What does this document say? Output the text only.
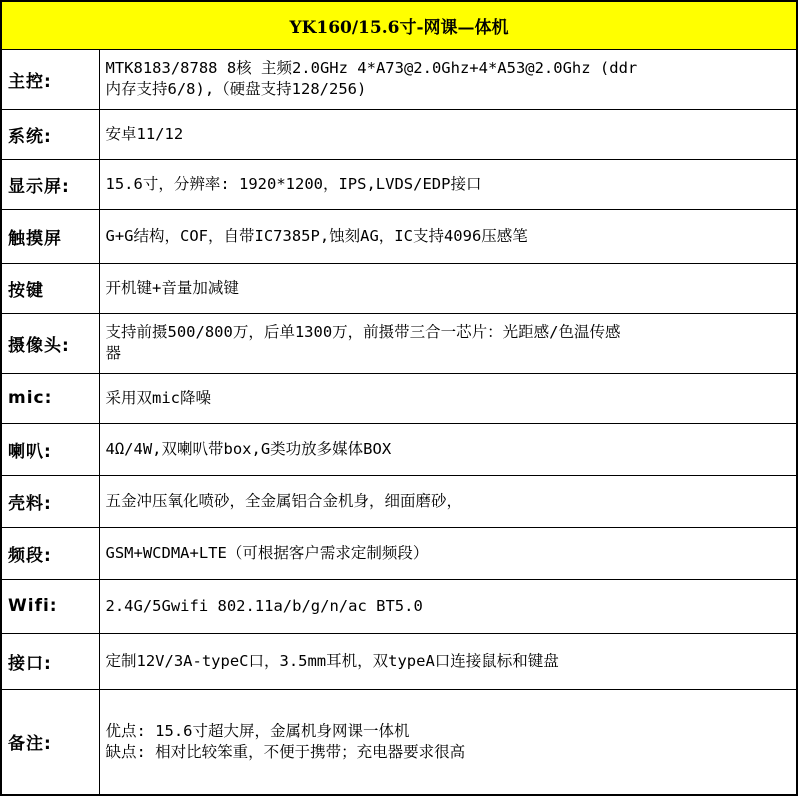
YK160/15.6寸-网课—体机	
主控:	MTK8183/8788 8核 主频2.0GHz 4*A73@2.0Ghz+4*A53@2.0Ghz (ddr
内存支持6/8),（硬盘支持128/256)

系统:	安卓11/12

显示屏:	15.6寸，分辨率: 1920*1200，IPS,LVDS/EDP接口

触摸屏	G+G结构，COF，自带IC7385P,蚀刻AG，IC支持4096压感笔

按键	开机键+音量加减键

摄像头:	支持前摄500/800万，后单1300万，前摄带三合一芯片：光距感/色温传感
器

mic:	采用双mic降噪

喇叭:	4Ω/4W,双喇叭带box,G类功放多媒体BOX

壳料:	五金冲压氧化喷砂，全金属铝合金机身，细面磨砂，

频段:	GSM+WCDMA+LTE（可根据客户需求定制频段）

Wifi:	2.4G/5Gwifi 802.11a/b/g/n/ac BT5.0

接口:	定制12V/3A-typeC口，3.5mm耳机，双typeA口连接鼠标和键盘

备注:	优点: 15.6寸超大屏，金属机身网课一体机
缺点: 相对比较笨重，不便于携带；充电器要求很高
